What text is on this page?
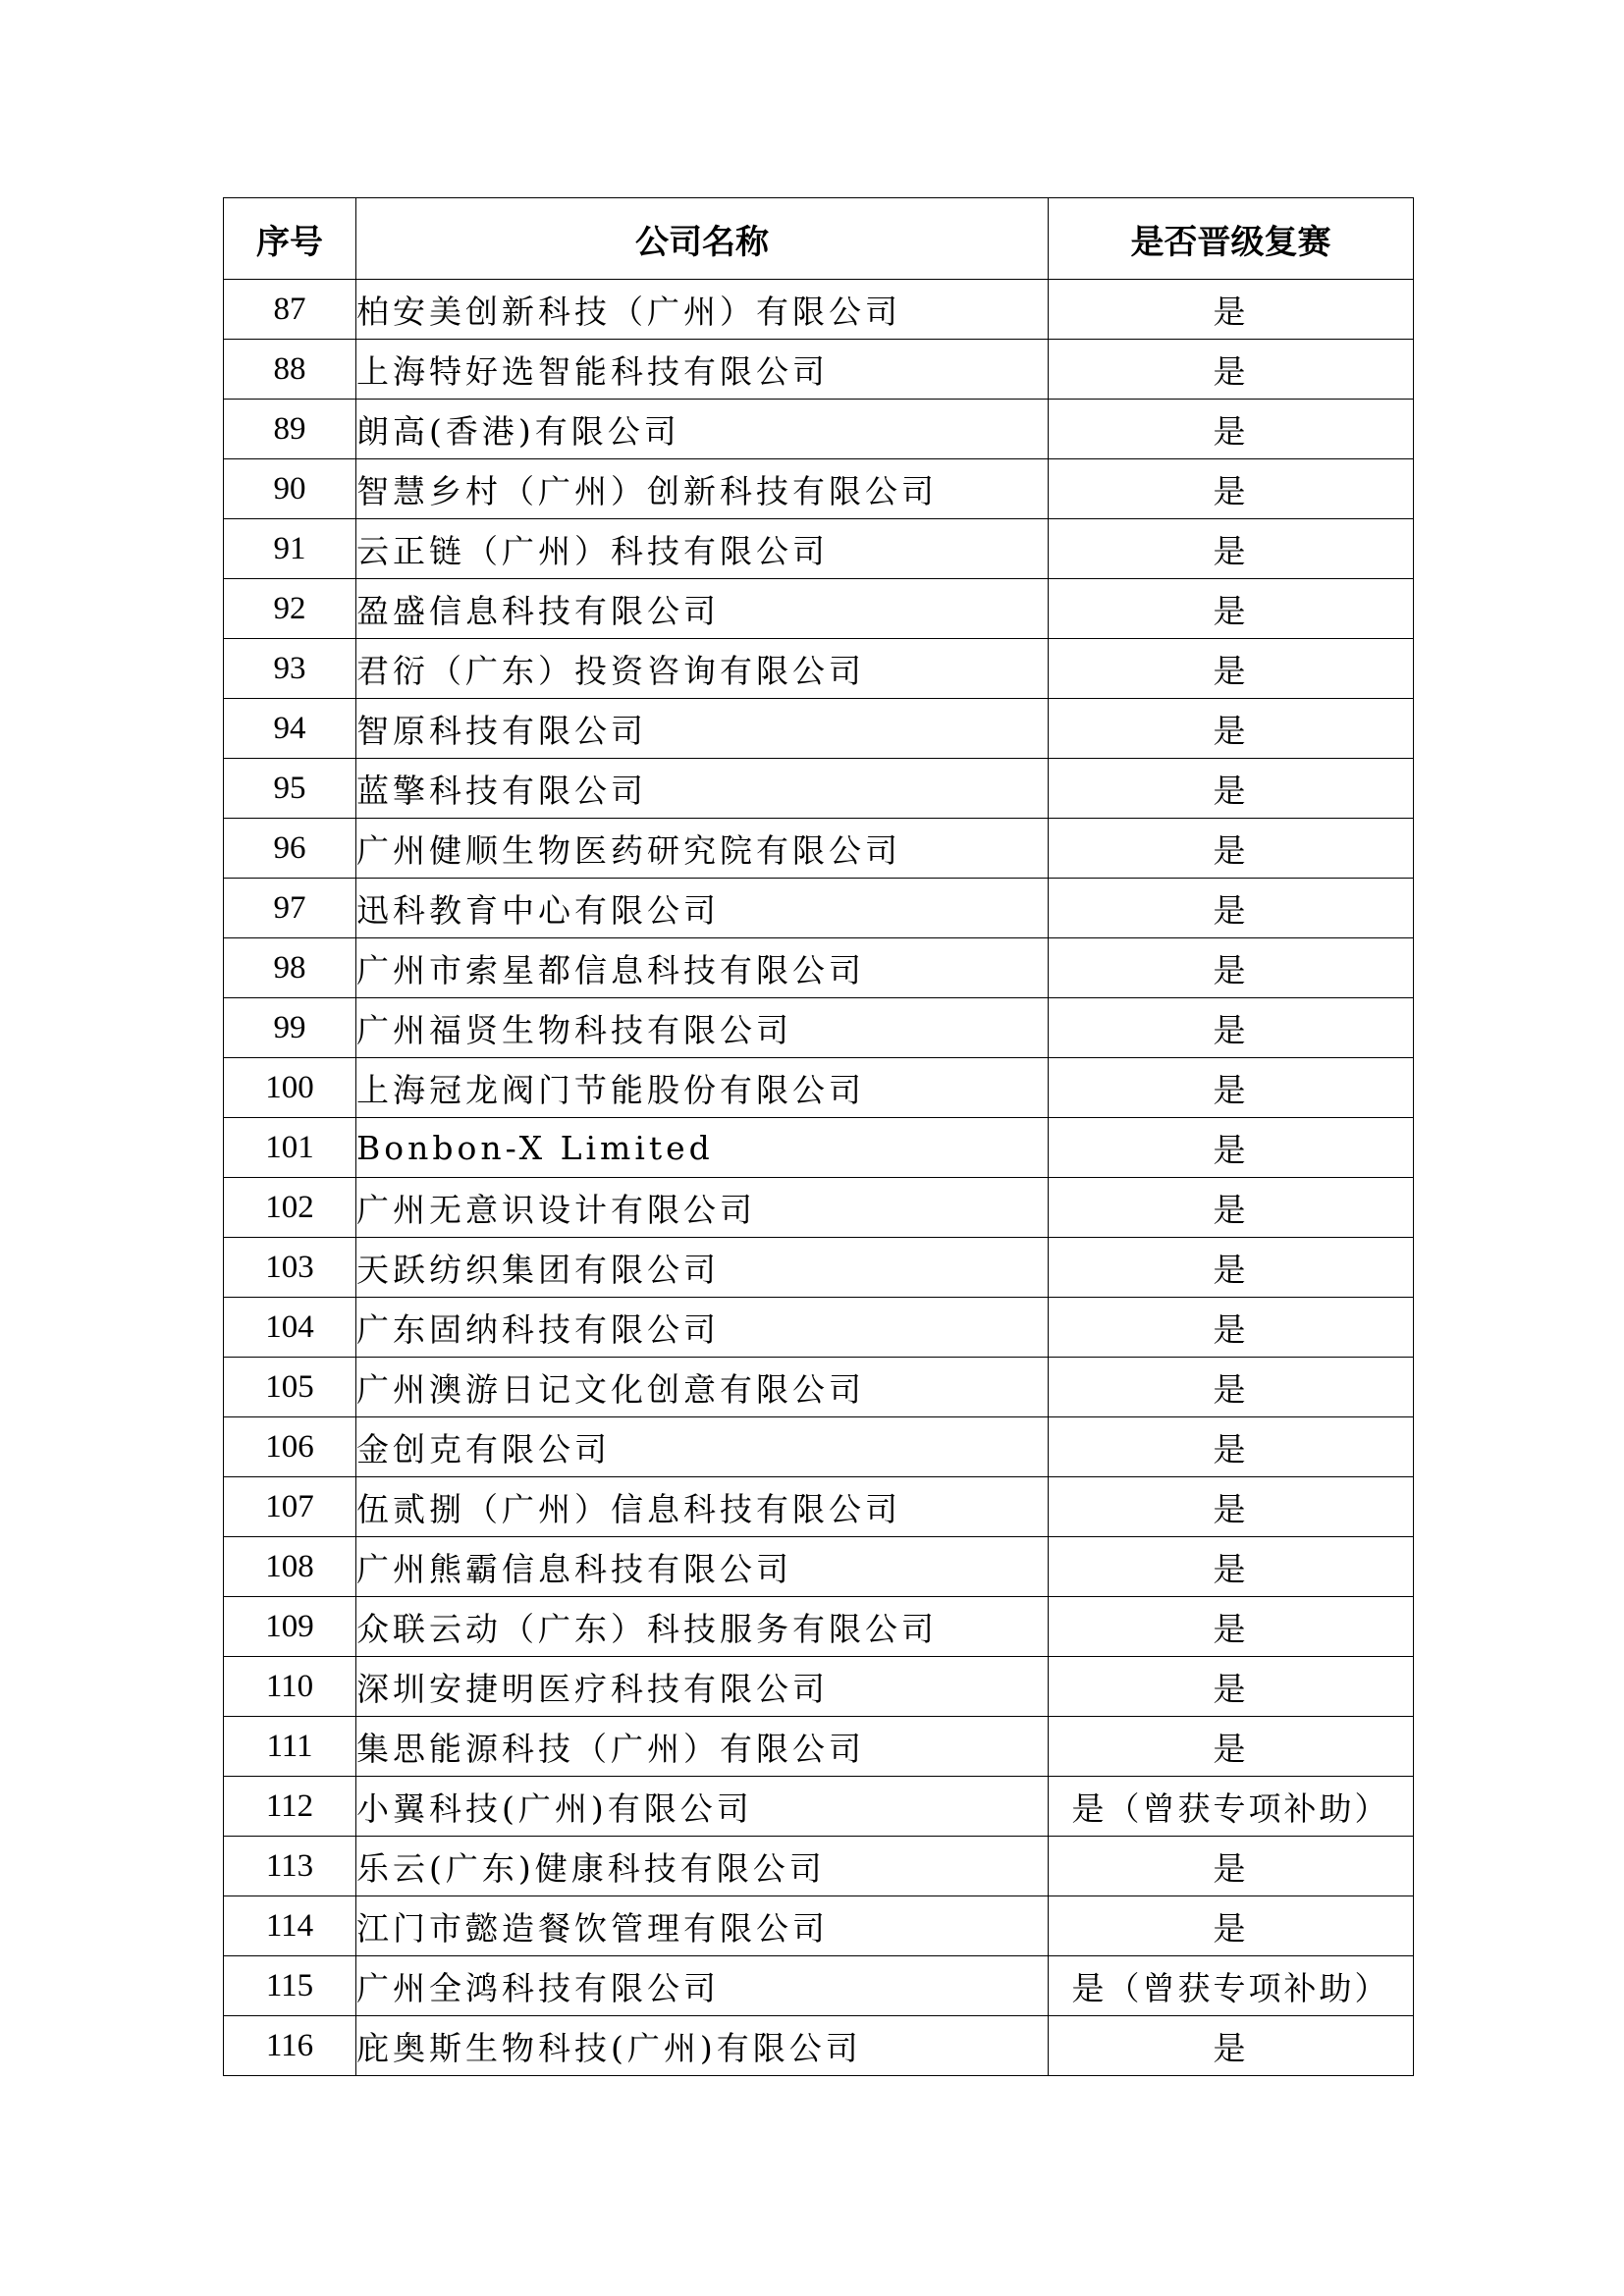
序号	公司名称	是否晋级复赛
87	柏安美创新科技（广州）有限公司	是
88	上海特好选智能科技有限公司	是
89	朗高(香港)有限公司	是
90	智慧乡村（广州）创新科技有限公司	是
91	云正链（广州）科技有限公司	是
92	盈盛信息科技有限公司	是
93	君衍（广东）投资咨询有限公司	是
94	智原科技有限公司	是
95	蓝擎科技有限公司	是
96	广州健顺生物医药研究院有限公司	是
97	迅科教育中心有限公司	是
98	广州市索星都信息科技有限公司	是
99	广州福贤生物科技有限公司	是
100	上海冠龙阀门节能股份有限公司	是
101	Bonbon-X Limited	是
102	广州无意识设计有限公司	是
103	天跃纺织集团有限公司	是
104	广东固纳科技有限公司	是
105	广州澳游日记文化创意有限公司	是
106	金创克有限公司	是
107	伍贰捌（广州）信息科技有限公司	是
108	广州熊霸信息科技有限公司	是
109	众联云动（广东）科技服务有限公司	是
110	深圳安捷明医疗科技有限公司	是
111	集思能源科技（广州）有限公司	是
112	小翼科技(广州)有限公司	是（曾获专项补助）
113	乐云(广东)健康科技有限公司	是
114	江门市懿造餐饮管理有限公司	是
115	广州全鸿科技有限公司	是（曾获专项补助）
116	庇奥斯生物科技(广州)有限公司	是
